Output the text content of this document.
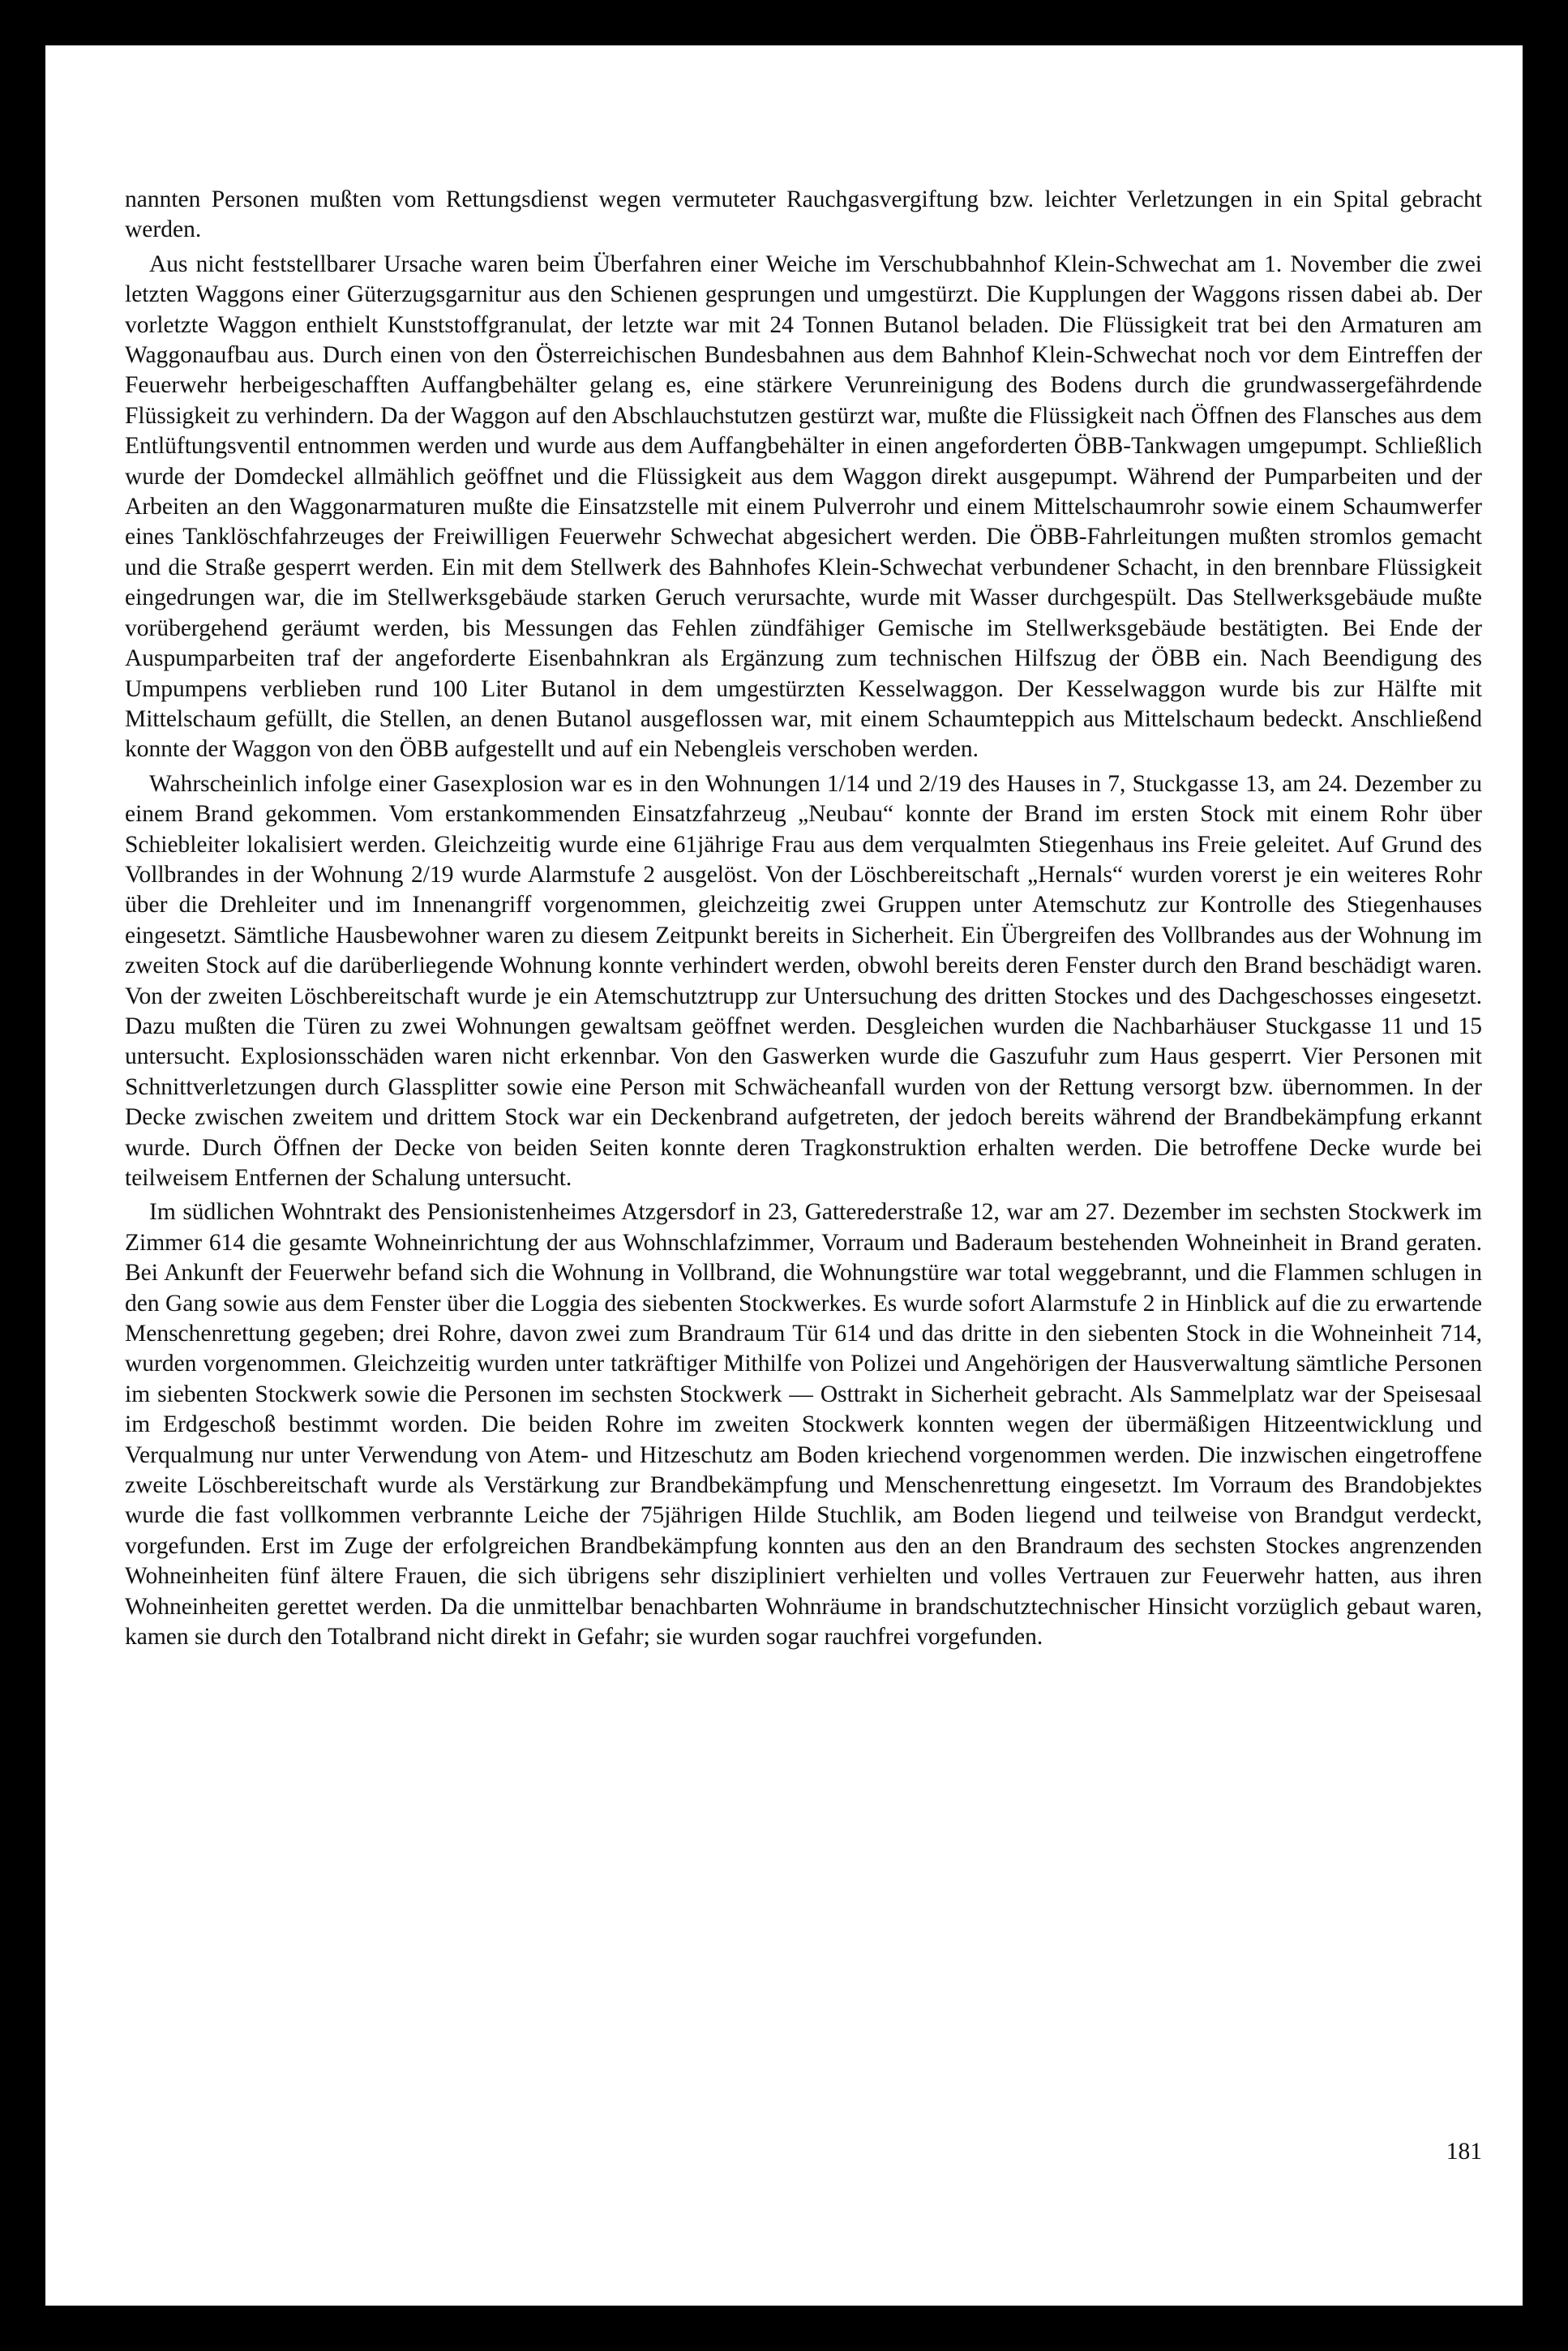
nannten Personen mußten vom Rettungsdienst wegen vermuteter Rauchgasvergiftung bzw. leichter Verletzungen in ein Spital gebracht werden.

Aus nicht feststellbarer Ursache waren beim Überfahren einer Weiche im Verschubbahnhof Klein-Schwechat am 1. November die zwei letzten Waggons einer Güterzugsgarnitur aus den Schienen gesprungen und umgestürzt. Die Kupplungen der Waggons rissen dabei ab. Der vorletzte Waggon enthielt Kunststoffgranulat, der letzte war mit 24 Tonnen Butanol beladen. Die Flüssigkeit trat bei den Armaturen am Waggonaufbau aus. Durch einen von den Österreichischen Bundesbahnen aus dem Bahnhof Klein-Schwechat noch vor dem Eintreffen der Feuerwehr herbeigeschafften Auffangbehälter gelang es, eine stärkere Verunreinigung des Bodens durch die grundwassergefährdende Flüssigkeit zu verhindern. Da der Waggon auf den Abschlauchstutzen gestürzt war, mußte die Flüssigkeit nach Öffnen des Flansches aus dem Entlüftungsventil entnommen werden und wurde aus dem Auffangbehälter in einen angeforderten ÖBB-Tankwagen umgepumpt. Schließlich wurde der Domdeckel allmählich geöffnet und die Flüssigkeit aus dem Waggon direkt ausgepumpt. Während der Pumparbeiten und der Arbeiten an den Waggonarmaturen mußte die Einsatzstelle mit einem Pulverrohr und einem Mittelschaumrohr sowie einem Schaumwerfer eines Tanklöschfahrzeuges der Freiwilligen Feuerwehr Schwechat abgesichert werden. Die ÖBB-Fahrleitungen mußten stromlos gemacht und die Straße gesperrt werden. Ein mit dem Stellwerk des Bahnhofes Klein-Schwechat verbundener Schacht, in den brennbare Flüssigkeit eingedrungen war, die im Stellwerksgebäude starken Geruch verursachte, wurde mit Wasser durchgespült. Das Stellwerksgebäude mußte vorübergehend geräumt werden, bis Messungen das Fehlen zündfähiger Gemische im Stellwerksgebäude bestätigten. Bei Ende der Auspumparbeiten traf der angeforderte Eisenbahnkran als Ergänzung zum technischen Hilfszug der ÖBB ein. Nach Beendigung des Umpumpens verblieben rund 100 Liter Butanol in dem umgestürzten Kesselwaggon. Der Kesselwaggon wurde bis zur Hälfte mit Mittelschaum gefüllt, die Stellen, an denen Butanol ausgeflossen war, mit einem Schaumteppich aus Mittelschaum bedeckt. Anschließend konnte der Waggon von den ÖBB aufgestellt und auf ein Nebengleis verschoben werden.

Wahrscheinlich infolge einer Gasexplosion war es in den Wohnungen 1/14 und 2/19 des Hauses in 7, Stuckgasse 13, am 24. Dezember zu einem Brand gekommen. Vom erstankommenden Einsatzfahrzeug „Neubau“ konnte der Brand im ersten Stock mit einem Rohr über Schiebleiter lokalisiert werden. Gleichzeitig wurde eine 61jährige Frau aus dem verqualmten Stiegenhaus ins Freie geleitet. Auf Grund des Vollbrandes in der Wohnung 2/19 wurde Alarmstufe 2 ausgelöst. Von der Löschbereitschaft „Hernals“ wurden vorerst je ein weiteres Rohr über die Drehleiter und im Innenangriff vorgenommen, gleichzeitig zwei Gruppen unter Atemschutz zur Kontrolle des Stiegenhauses eingesetzt. Sämtliche Hausbewohner waren zu diesem Zeitpunkt bereits in Sicherheit. Ein Übergreifen des Vollbrandes aus der Wohnung im zweiten Stock auf die darüberliegende Wohnung konnte verhindert werden, obwohl bereits deren Fenster durch den Brand beschädigt waren. Von der zweiten Löschbereitschaft wurde je ein Atemschutztrupp zur Untersuchung des dritten Stockes und des Dachgeschosses eingesetzt. Dazu mußten die Türen zu zwei Wohnungen gewaltsam geöffnet werden. Desgleichen wurden die Nachbarhäuser Stuckgasse 11 und 15 untersucht. Explosionsschäden waren nicht erkennbar. Von den Gaswerken wurde die Gaszufuhr zum Haus gesperrt. Vier Personen mit Schnittverletzungen durch Glassplitter sowie eine Person mit Schwächeanfall wurden von der Rettung versorgt bzw. übernommen. In der Decke zwischen zweitem und drittem Stock war ein Deckenbrand aufgetreten, der jedoch bereits während der Brandbekämpfung erkannt wurde. Durch Öffnen der Decke von beiden Seiten konnte deren Tragkonstruktion erhalten werden. Die betroffene Decke wurde bei teilweisem Entfernen der Schalung untersucht.

Im südlichen Wohntrakt des Pensionistenheimes Atzgersdorf in 23, Gatterederstraße 12, war am 27. Dezember im sechsten Stockwerk im Zimmer 614 die gesamte Wohneinrichtung der aus Wohnschlafzimmer, Vorraum und Baderaum bestehenden Wohneinheit in Brand geraten. Bei Ankunft der Feuerwehr befand sich die Wohnung in Vollbrand, die Wohnungstüre war total weggebrannt, und die Flammen schlugen in den Gang sowie aus dem Fenster über die Loggia des siebenten Stockwerkes. Es wurde sofort Alarmstufe 2 in Hinblick auf die zu erwartende Menschenrettung gegeben; drei Rohre, davon zwei zum Brandraum Tür 614 und das dritte in den siebenten Stock in die Wohneinheit 714, wurden vorgenommen. Gleichzeitig wurden unter tatkräftiger Mithilfe von Polizei und Angehörigen der Hausverwaltung sämtliche Personen im siebenten Stockwerk sowie die Personen im sechsten Stockwerk — Osttrakt in Sicherheit gebracht. Als Sammelplatz war der Speisesaal im Erdgeschoß bestimmt worden. Die beiden Rohre im zweiten Stockwerk konnten wegen der übermäßigen Hitzeentwicklung und Verqualmung nur unter Verwendung von Atem- und Hitzeschutz am Boden kriechend vorgenommen werden. Die inzwischen eingetroffene zweite Löschbereitschaft wurde als Verstärkung zur Brandbekämpfung und Menschenrettung eingesetzt. Im Vorraum des Brandobjektes wurde die fast vollkommen verbrannte Leiche der 75jährigen Hilde Stuchlik, am Boden liegend und teilweise von Brandgut verdeckt, vorgefunden. Erst im Zuge der erfolgreichen Brandbekämpfung konnten aus den an den Brandraum des sechsten Stockes angrenzenden Wohneinheiten fünf ältere Frauen, die sich übrigens sehr diszipliniert verhielten und volles Vertrauen zur Feuerwehr hatten, aus ihren Wohneinheiten gerettet werden. Da die unmittelbar benachbarten Wohnräume in brandschutztechnischer Hinsicht vorzüglich gebaut waren, kamen sie durch den Totalbrand nicht direkt in Gefahr; sie wurden sogar rauchfrei vorgefunden.

181
